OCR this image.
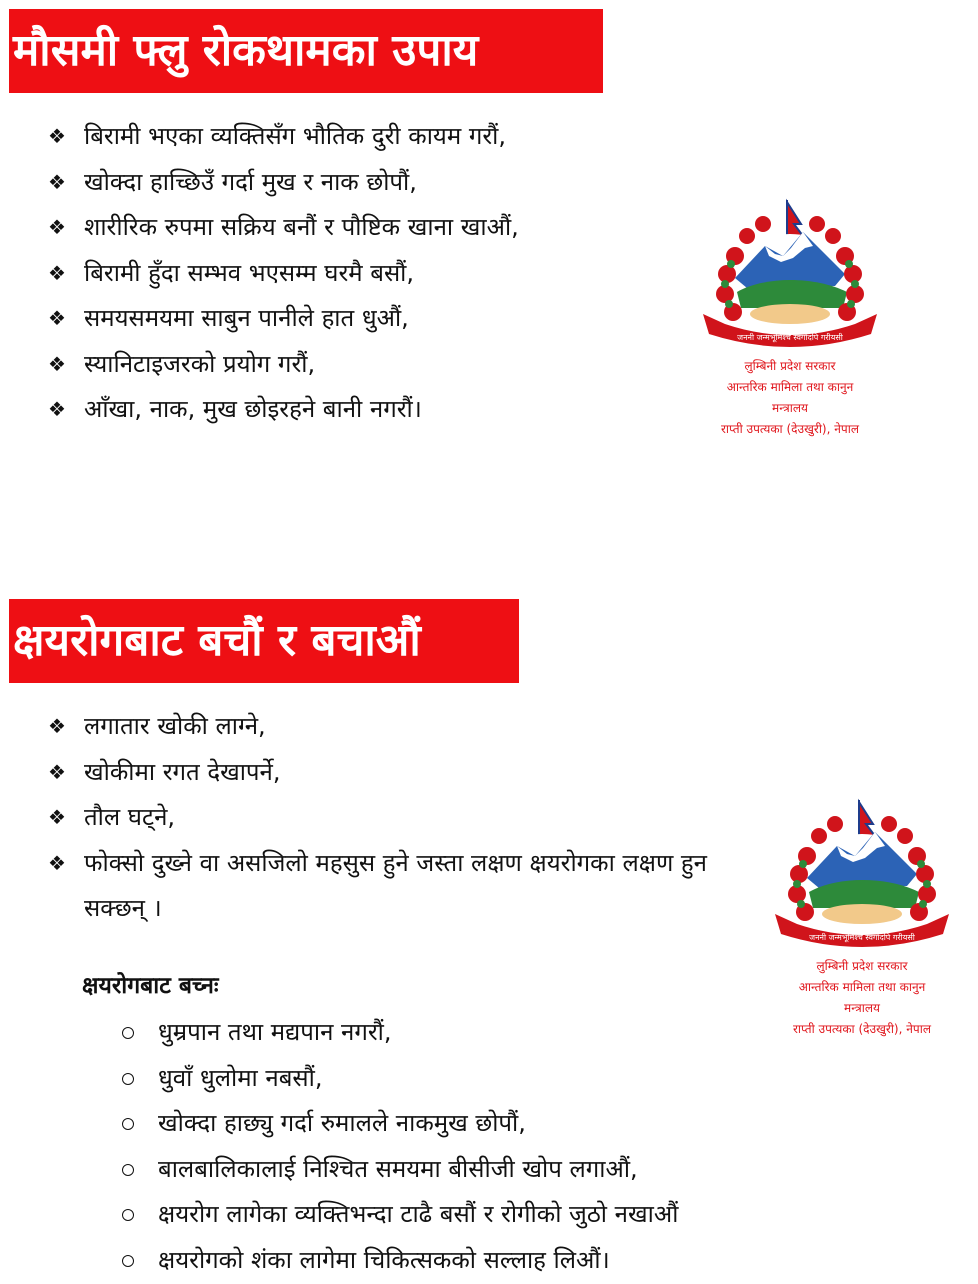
मौसमी फ्लु रोकथामका उपाय
❖ बिरामी भएका व्यक्तिसँग भौतिक दुरी कायम गरौं,
❖ खोक्दा हाच्छिउँ गर्दा मुख र नाक छोपौं,
❖ शारीरिक रुपमा सक्रिय बनौं र पौष्टिक खाना खाऔं,
❖ बिरामी हुँदा सम्भव भएसम्म घरमै बसौं,
❖ समयसमयमा साबुन पानीले हात धुऔं,
❖ स्यानिटाइजरको प्रयोग गरौं,
❖ आँखा, नाक, मुख छोइरहने बानी नगरौं।
जननी जन्मभूमिश्च स्वर्गादपि गरीयसी
लुम्बिनी प्रदेश सरकार
आन्तरिक मामिला तथा कानुन
मन्त्रालय
राप्ती उपत्यका (देउखुरी), नेपाल
क्षयरोगबाट बचौं र बचाऔं
❖ लगातार खोकी लाग्ने,
❖ खोकीमा रगत देखापर्ने,
❖ तौल घट्ने,
❖ फोक्सो दुख्ने वा असजिलो महसुस हुने जस्ता लक्षण क्षयरोगका लक्षण हुन सक्छन् ।
क्षयरोगबाट बच्नः
धुम्रपान तथा मद्यपान नगरौं,
धुवाँ धुलोमा नबसौं,
खोक्दा हाछ्यु गर्दा रुमालले नाकमुख छोपौं,
बालबालिकालाई निश्चित समयमा बीसीजी खोप लगाऔं,
क्षयरोग लागेका व्यक्तिभन्दा टाढै बसौं र रोगीको जुठो नखाऔं
क्षयरोगको शंका लागेमा चिकित्सकको सल्लाह लिऔं।
जननी जन्मभूमिश्च स्वर्गादपि गरीयसी
लुम्बिनी प्रदेश सरकार
आन्तरिक मामिला तथा कानुन
मन्त्रालय
राप्ती उपत्यका (देउखुरी), नेपाल
